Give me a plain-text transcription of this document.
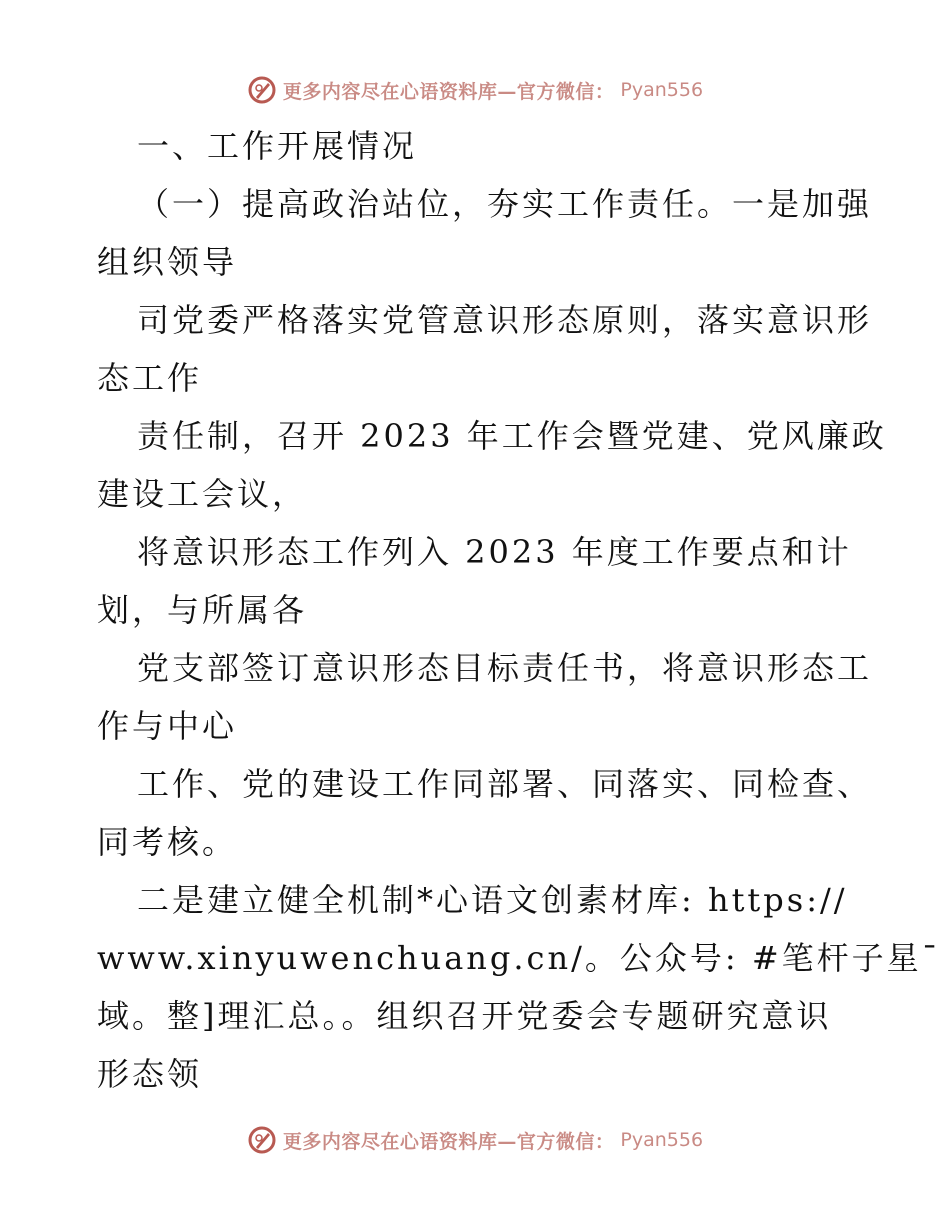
更多内容尽在心语资料库—官方微信： Pyan556
一、工作开展情况
（一）提高政治站位，夯实工作责任。一是加强
组织领导
司党委严格落实党管意识形态原则，落实意识形
态工作
责任制，召开 2023 年工作会暨党建、党风廉政
建设工会议，
将意识形态工作列入 2023 年度工作要点和计
划，与所属各
党支部签订意识形态目标责任书，将意识形态工
作与中心
工作、党的建设工作同部署、同落实、同检查、
同考核。
二是建立健全机制*心语文创素材库: https://
www.xinyuwenchuang.cn/。公众号: #笔杆子星¯
域。整]理汇总。。组织召开党委会专题研究意识
形态领
更多内容尽在心语资料库—官方微信： Pyan556
